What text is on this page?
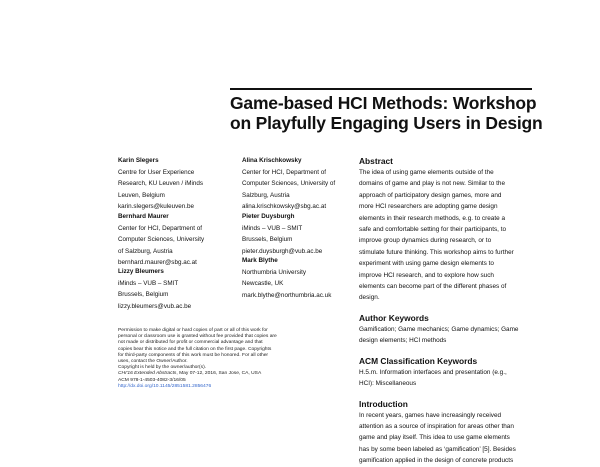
Game-based HCI Methods: Workshop
on Playfully Engaging Users in Design
Karin Slegers
Centre for User Experience
Research, KU Leuven / iMinds
Leuven, Belgium
karin.slegers@kuleuven.be
Bernhard Maurer
Center for HCI, Department of
Computer Sciences, University
of Salzburg, Austria
bernhard.maurer@sbg.ac.at
Lizzy Bleumers
iMinds – VUB – SMIT
Brussels, Belgium
lizzy.bleumers@vub.ac.be
Alina Krischkowsky
Center for HCI, Department of
Computer Sciences, University of
Salzburg, Austria
alina.krischkowsky@sbg.ac.at
Pieter Duysburgh
iMinds – VUB – SMIT
Brussels, Belgium
pieter.duysburgh@vub.ac.be
Mark Blythe
Northumbria University
Newcastle, UK
mark.blythe@northumbria.ac.uk
Permission to make digital or hard copies of part or all of this work for
personal or classroom use is granted without fee provided that copies are
not made or distributed for profit or commercial advantage and that
copies bear this notice and the full citation on the first page. Copyrights
for third-party components of this work must be honored. For all other
uses, contact the Owner/Author.
Copyright is held by the owner/author(s).
CHI'16 Extended Abstracts, May 07-12, 2016, San Jose, CA, USA
ACM 978-1-4503-4082-3/16/05
http://dx.doi.org/10.1145/2851581.2856476
Abstract
The idea of using game elements outside of the
domains of game and play is not new. Similar to the
approach of participatory design games, more and
more HCI researchers are adopting game design
elements in their research methods, e.g. to create a
safe and comfortable setting for their participants, to
improve group dynamics during research, or to
stimulate future thinking. This workshop aims to further
experiment with using game design elements to
improve HCI research, and to explore how such
elements can become part of the different phases of
design.
Author Keywords
Gamification; Game mechanics; Game dynamics; Game
design elements; HCI methods
ACM Classification Keywords
H.5.m. Information interfaces and presentation (e.g.,
HCI): Miscellaneous
Introduction
In recent years, games have increasingly received
attention as a source of inspiration for areas other than
game and play itself. This idea to use game elements
has by some been labeled as ‘gamification’ [5]. Besides
gamification applied in the design of concrete products
